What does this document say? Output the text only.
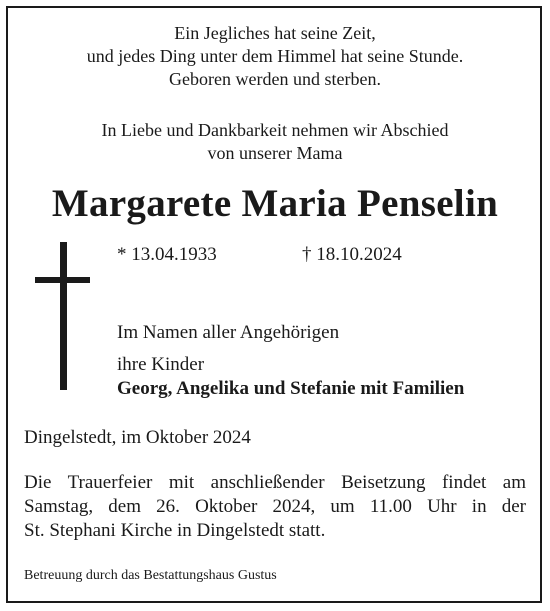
Ein Jegliches hat seine Zeit,
und jedes Ding unter dem Himmel hat seine Stunde.
Geboren werden und sterben.
In Liebe und Dankbarkeit nehmen wir Abschied
von unserer Mama
Margarete Maria Penselin
* 13.04.1933	† 18.10.2024
Im Namen aller Angehörigen
ihre Kinder
Georg, Angelika und Stefanie mit Familien
Dingelstedt, im Oktober 2024
Die Trauerfeier mit anschließender Beisetzung findet am
Samstag, dem 26. Oktober 2024, um 11.00 Uhr in der
St. Stephani Kirche in Dingelstedt statt.
Betreuung durch das Bestattungshaus Gustus
